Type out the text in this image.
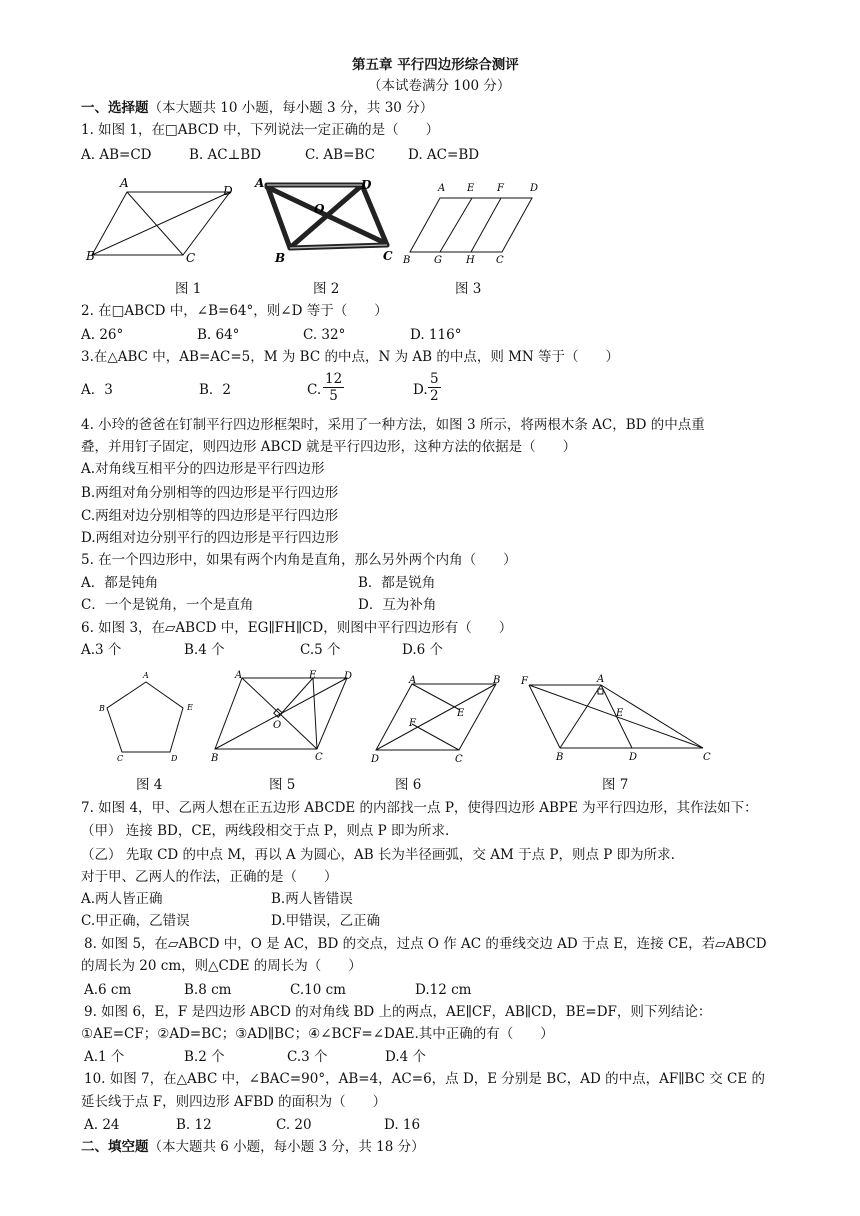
第五章 平行四边形综合测评
（本试卷满分 100 分）
一、选择题（本大题共 10 小题，每小题 3 分，共 30 分）
1. 如图 1，在□ABCD 中，下列说法一定正确的是（　　）
A. AB=CD	B. AC⊥BD	C. AB=BC D. AC=BD
A
D
B	C
A	D
O
B	C
A E F	D
B G H C
图 1	图 2	图 3
2. 在□ABCD 中，∠B=64°，则∠D 等于（　　）
A. 26°	B. 64°	C. 32°	D. 116°
3.在△ABC 中，AB=AC=5，M 为 BC 的中点，N 为 AB 的中点，则 MN 等于（　　）
A．3	B．2	C. $\frac{12}{5}$	D. $\frac{5}{2}$
4. 小玲的爸爸在钉制平行四边形框架时，采用了一种方法，如图 3 所示，将两根木条 AC，BD 的中点重
叠，并用钉子固定，则四边形 ABCD 就是平行四边形，这种方法的依据是（　　）
A.对角线互相平分的四边形是平行四边形
B.两组对角分别相等的四边形是平行四边形
C.两组对边分别相等的四边形是平行四边形
D.两组对边分别平行的四边形是平行四边形
5. 在一个四边形中，如果有两个内角是直角，那么另外两个内角（　　）
A．都是钝角	B．都是锐角
C．一个是锐角，一个是直角	D．互为补角
6. 如图 3，在▱ABCD 中，EG∥FH∥CD，则图中平行四边形有（　　）
A.3 个	B.4 个	C.5 个	D.6 个
A
B	E
C	D
A	E	D
O
B	C
A	B
E
F
D	C
F	A
E
B	D	C
图 4	图 5	图 6	图 7
7. 如图 4，甲、乙两人想在正五边形 ABCDE 的内部找一点 P，使得四边形 ABPE 为平行四边形，其作法如下：
（甲） 连接 BD，CE，两线段相交于点 P，则点 P 即为所求.
（乙） 先取 CD 的中点 M，再以 A 为圆心，AB 长为半径画弧，交 AM 于点 P，则点 P 即为所求.
对于甲、乙两人的作法，正确的是（　　）
A.两人皆正确	B.两人皆错误
C.甲正确，乙错误	D.甲错误，乙正确
8. 如图 5，在▱ABCD 中，O 是 AC，BD 的交点，过点 O 作 AC 的垂线交边 AD 于点 E，连接 CE，若▱ABCD
的周长为 20 cm，则△CDE 的周长为（　　）
A.6 cm	B.8 cm	C.10 cm	D.12 cm
9. 如图 6，E，F 是四边形 ABCD 的对角线 BD 上的两点，AE∥CF，AB∥CD，BE=DF，则下列结论：
①AE=CF；②AD=BC；③AD∥BC；④∠BCF=∠DAE.其中正确的有（　　）
A.1 个	B.2 个	C.3 个	D.4 个
10. 如图 7，在△ABC 中，∠BAC=90°，AB=4，AC=6，点 D，E 分别是 BC，AD 的中点，AF∥BC 交 CE 的
延长线于点 F，则四边形 AFBD 的面积为（　　）
A. 24	B. 12	C. 20	D. 16
二、填空题（本大题共 6 小题，每小题 3 分，共 18 分）
